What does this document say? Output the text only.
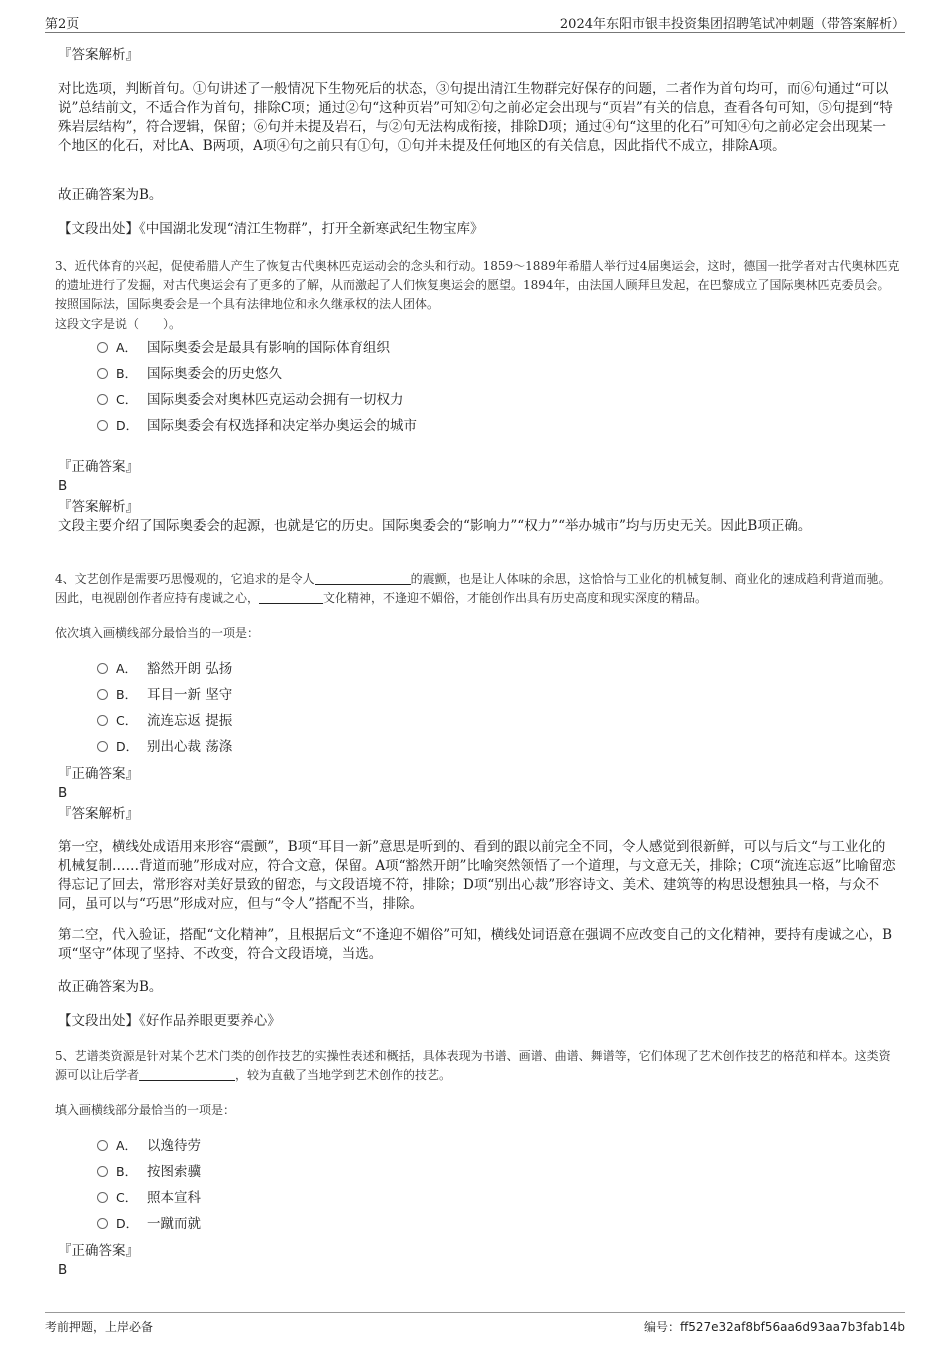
第2页	2024年东阳市银丰投资集团招聘笔试冲刺题（带答案解析）
『答案解析』
对比选项，判断首句。①句讲述了一般情况下生物死后的状态，③句提出清江生物群完好保存的问题，二者作为首句均可，而⑥句通过“可以说”总结前文，不适合作为首句，排除C项；通过②句“这种页岩”可知②句之前必定会出现与“页岩”有关的信息，查看各句可知，⑤句提到“特殊岩层结构”，符合逻辑，保留；⑥句并未提及岩石，与②句无法构成衔接，排除D项；通过④句“这里的化石”可知④句之前必定会出现某一个地区的化石，对比A、B两项，A项④句之前只有①句，①句并未提及任何地区的有关信息，因此指代不成立，排除A项。
故正确答案为B。
【文段出处】《中国湖北发现“清江生物群”，打开全新寒武纪生物宝库》
3、近代体育的兴起，促使希腊人产生了恢复古代奥林匹克运动会的念头和行动。1859～1889年希腊人举行过4届奥运会，这时，德国一批学者对古代奥林匹克的遗址进行了发掘，对古代奥运会有了更多的了解，从而激起了人们恢复奥运会的愿望。1894年，由法国人顾拜旦发起，在巴黎成立了国际奥林匹克委员会。按照国际法，国际奥委会是一个具有法律地位和永久继承权的法人团体。
这段文字是说（　　）。
A． 国际奥委会是最具有影响的国际体育组织
B． 国际奥委会的历史悠久
C． 国际奥委会对奥林匹克运动会拥有一切权力
D． 国际奥委会有权选择和决定举办奥运会的城市
『正确答案』
B
『答案解析』
文段主要介绍了国际奥委会的起源，也就是它的历史。国际奥委会的“影响力”“权力”“举办城市”均与历史无关。因此B项正确。
4、文艺创作是需要巧思慢观的，它追求的是令人	的震颤，也是让人体味的余思，这恰恰与工业化的机械复制、商业化的速成趋利背道而驰。因此，电视剧创作者应持有虔诚之心，	文化精神，不逢迎不媚俗，才能创作出具有历史高度和现实深度的精品。
依次填入画横线部分最恰当的一项是：
A． 豁然开朗 弘扬
B． 耳目一新 坚守
C． 流连忘返 提振
D． 别出心裁 荡涤
『正确答案』
B
『答案解析』
第一空，横线处成语用来形容“震颤”，B项“耳目一新”意思是听到的、看到的跟以前完全不同，令人感觉到很新鲜，可以与后文“与工业化的机械复制……背道而驰”形成对应，符合文意，保留。A项“豁然开朗”比喻突然领悟了一个道理，与文意无关，排除；C项“流连忘返”比喻留恋得忘记了回去，常形容对美好景致的留恋，与文段语境不符，排除；D项“别出心裁”形容诗文、美术、建筑等的构思设想独具一格，与众不同，虽可以与“巧思”形成对应，但与“令人”搭配不当，排除。
第二空，代入验证，搭配“文化精神”，且根据后文“不逢迎不媚俗”可知，横线处词语意在强调不应改变自己的文化精神，要持有虔诚之心，B项“坚守”体现了坚持、不改变，符合文段语境，当选。
故正确答案为B。
【文段出处】《好作品养眼更要养心》
5、艺谱类资源是针对某个艺术门类的创作技艺的实操性表述和概括，具体表现为书谱、画谱、曲谱、舞谱等，它们体现了艺术创作技艺的格范和样本。这类资源可以让后学者	，较为直截了当地学到艺术创作的技艺。
填入画横线部分最恰当的一项是：
A． 以逸待劳
B． 按图索骥
C． 照本宣科
D． 一蹴而就
『正确答案』
B
考前押题，上岸必备	编号：ff527e32af8bf56aa6d93aa7b3fab14b
